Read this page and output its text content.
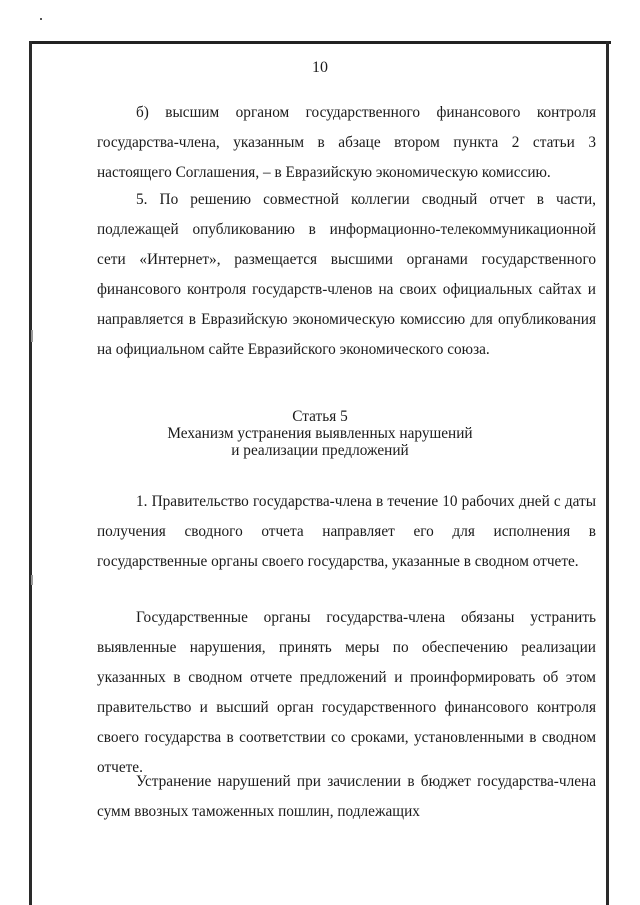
10

б) высшим органом государственного финансового контроля государства-члена, указанным в абзаце втором пункта 2 статьи 3 настоящего Соглашения, – в Евразийскую экономическую комиссию.

5. По решению совместной коллегии сводный отчет в части, подлежащей опубликованию в информационно-телекоммуникационной сети «Интернет», размещается высшими органами государственного финансового контроля государств-членов на своих официальных сайтах и направляется в Евразийскую экономическую комиссию для опубликования на официальном сайте Евразийского экономического союза.

Статья 5
Механизм устранения выявленных нарушений
и реализации предложений

1. Правительство государства-члена в течение 10 рабочих дней с даты получения сводного отчета направляет его для исполнения в государственные органы своего государства, указанные в сводном отчете.

Государственные органы государства-члена обязаны устранить выявленные нарушения, принять меры по обеспечению реализации указанных в сводном отчете предложений и проинформировать об этом правительство и высший орган государственного финансового контроля своего государства в соответствии со сроками, установленными в сводном отчете.

Устранение нарушений при зачислении в бюджет государства-члена сумм ввозных таможенных пошлин, подлежащих
